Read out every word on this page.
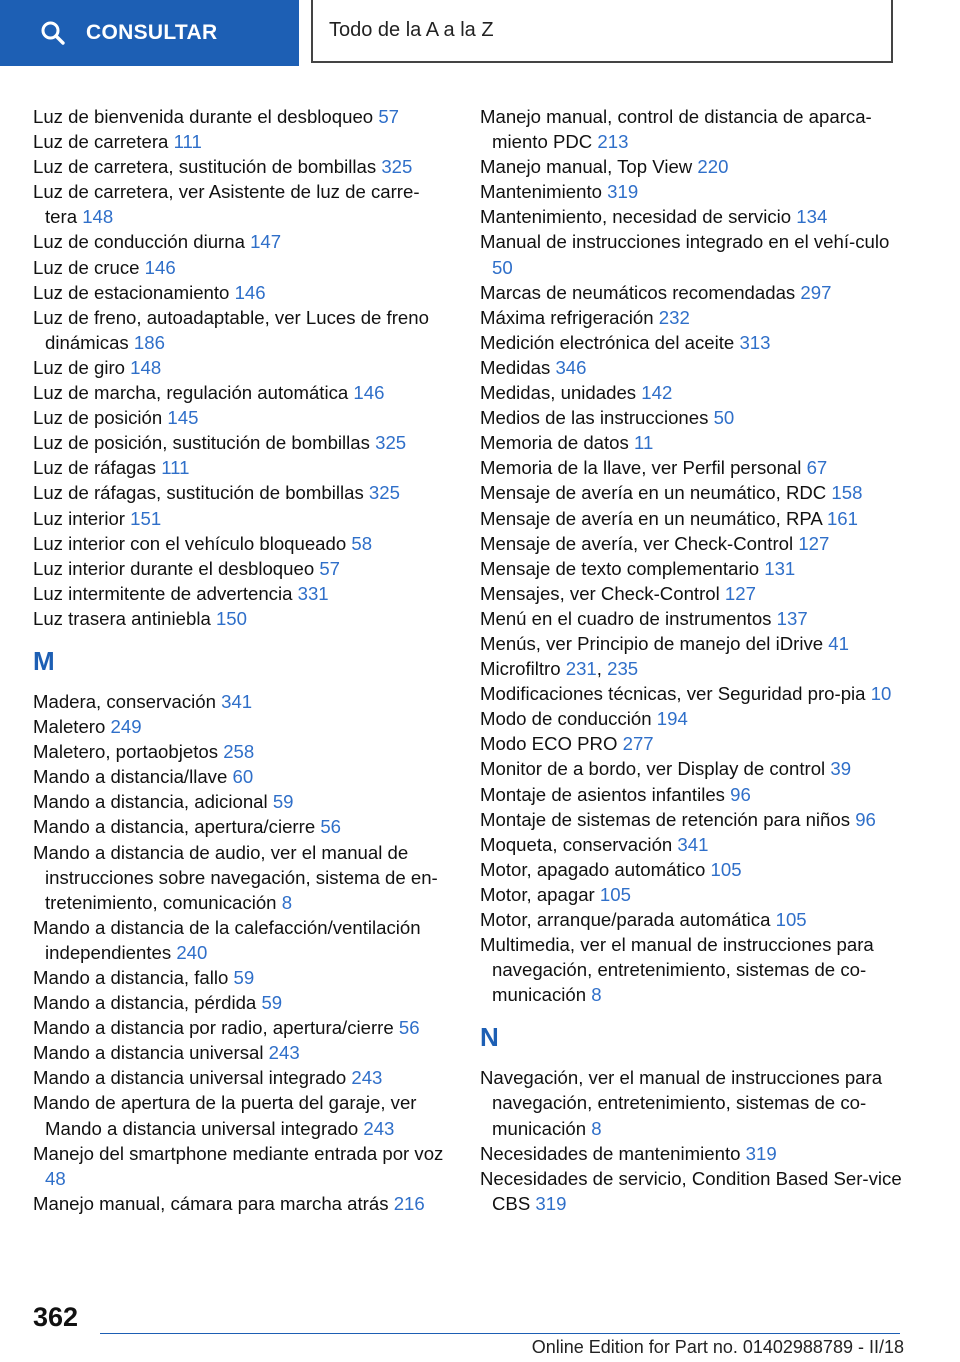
CONSULTAR	Todo de la A a la Z
Luz de bienvenida durante el desbloqueo 57
Luz de carretera 111
Luz de carretera, sustitución de bombillas 325
Luz de carretera, ver Asistente de luz de carre‐tera 148
Luz de conducción diurna 147
Luz de cruce 146
Luz de estacionamiento 146
Luz de freno, autoadaptable, ver Luces de freno dinámicas 186
Luz de giro 148
Luz de marcha, regulación automática 146
Luz de posición 145
Luz de posición, sustitución de bombillas 325
Luz de ráfagas 111
Luz de ráfagas, sustitución de bombillas 325
Luz interior 151
Luz interior con el vehículo bloqueado 58
Luz interior durante el desbloqueo 57
Luz intermitente de advertencia 331
Luz trasera antiniebla 150
M
Madera, conservación 341
Maletero 249
Maletero, portaobjetos 258
Mando a distancia/llave 60
Mando a distancia, adicional 59
Mando a distancia, apertura/cierre 56
Mando a distancia de audio, ver el manual de instrucciones sobre navegación, sistema de en‐tretenimiento, comunicación 8
Mando a distancia de la calefacción/ventilación independientes 240
Mando a distancia, fallo 59
Mando a distancia, pérdida 59
Mando a distancia por radio, apertura/cierre 56
Mando a distancia universal 243
Mando a distancia universal integrado 243
Mando de apertura de la puerta del garaje, ver Mando a distancia universal integrado 243
Manejo del smartphone mediante entrada por voz 48
Manejo manual, cámara para marcha atrás 216
Manejo manual, control de distancia de aparca‐miento PDC 213
Manejo manual, Top View 220
Mantenimiento 319
Mantenimiento, necesidad de servicio 134
Manual de instrucciones integrado en el vehí‐culo 50
Marcas de neumáticos recomendadas 297
Máxima refrigeración 232
Medición electrónica del aceite 313
Medidas 346
Medidas, unidades 142
Medios de las instrucciones 50
Memoria de datos 11
Memoria de la llave, ver Perfil personal 67
Mensaje de avería en un neumático, RDC 158
Mensaje de avería en un neumático, RPA 161
Mensaje de avería, ver Check-Control 127
Mensaje de texto complementario 131
Mensajes, ver Check-Control 127
Menú en el cuadro de instrumentos 137
Menús, ver Principio de manejo del iDrive 41
Microfiltro 231, 235
Modificaciones técnicas, ver Seguridad pro‐pia 10
Modo de conducción 194
Modo ECO PRO 277
Monitor de a bordo, ver Display de control 39
Montaje de asientos infantiles 96
Montaje de sistemas de retención para niños 96
Moqueta, conservación 341
Motor, apagado automático 105
Motor, apagar 105
Motor, arranque/parada automática 105
Multimedia, ver el manual de instrucciones para navegación, entretenimiento, sistemas de co‐municación 8
N
Navegación, ver el manual de instrucciones para navegación, entretenimiento, sistemas de co‐municación 8
Necesidades de mantenimiento 319
Necesidades de servicio, Condition Based Ser‐vice CBS 319
362
Online Edition for Part no. 01402988789 - II/18
